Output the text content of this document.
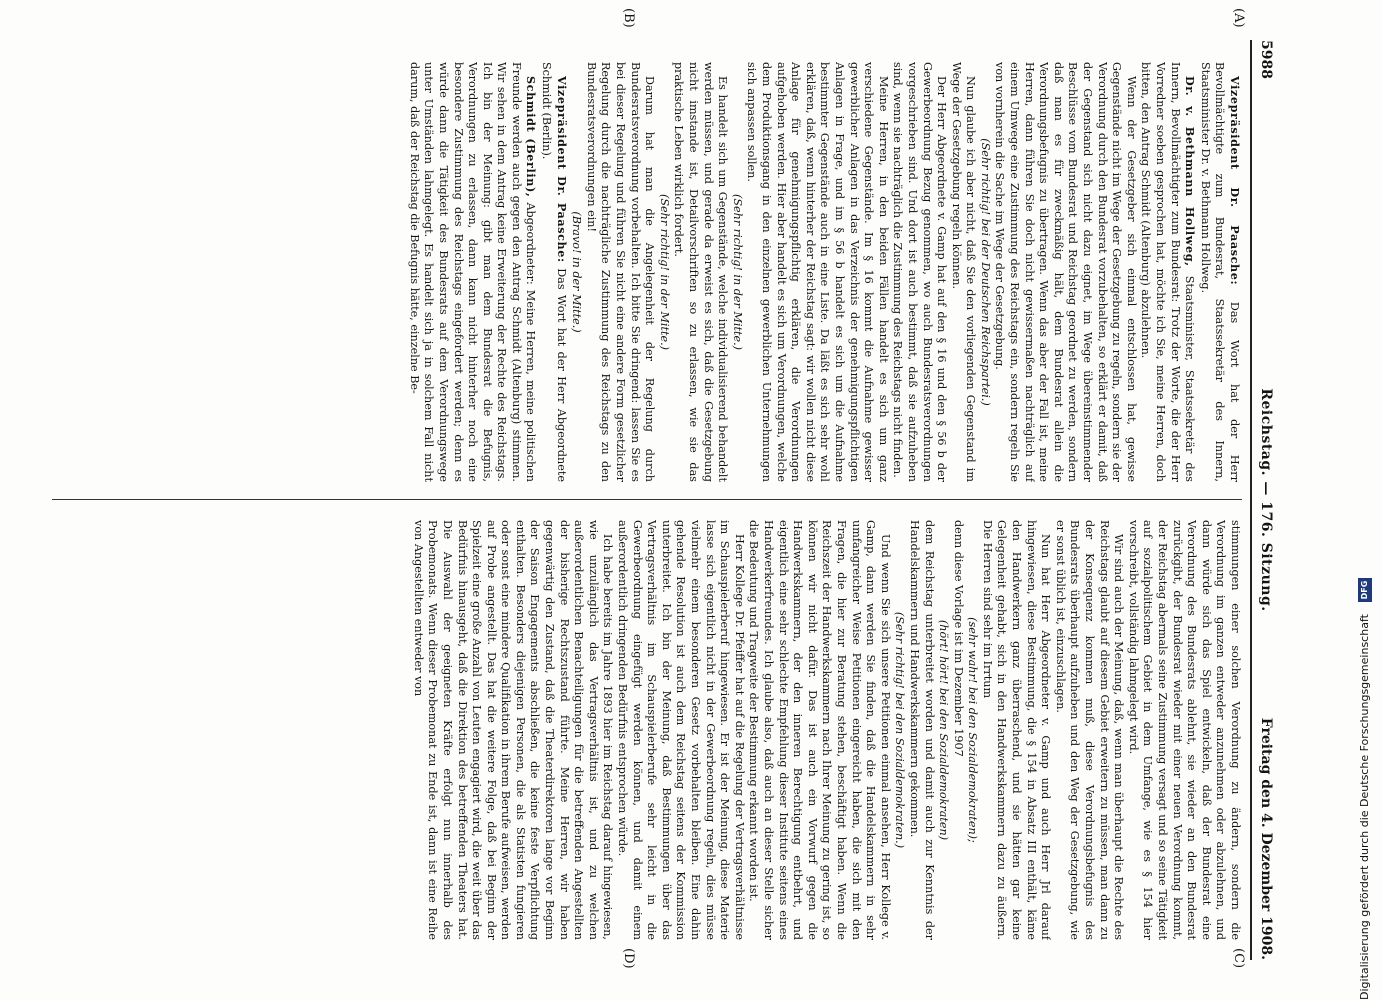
5988
Reichstag. — 176. Sitzung.
Freitag den 4. Dezember 1908.
(A)
(B)
(C)
(D)

Vizepräsident Dr. Paasche: Das Wort hat der Herr Bevollmächtigte zum Bundesrat, Staatssekretär des Innern, Staatsminister Dr. v. Bethmann Hollweg.

Dr. v. Bethmann Hollweg, Staatsminister, Staatssekretär des Innern, Bevollmächtigter zum Bundesrat: Trotz der Worte, die der Herr Vorredner soeben gesprochen hat, möchte ich Sie, meine Herren, doch bitten, den Antrag Schmidt (Altenburg) abzulehnen.

Wenn der Gesetzgeber sich einmal entschlossen hat, gewisse Gegenstände nicht im Wege der Gesetzgebung zu regeln, sondern sie der Verordnung durch den Bundesrat vorzubehalten, so erklärt er damit, daß der Gegenstand sich nicht dazu eignet, im Wege übereinstimmender Beschlüsse vom Bundesrat und Reichstag geordnet zu werden, sondern daß man es für zweckmäßig hält, dem Bundesrat allein die Verordnungsbefugnis zu übertragen. Wenn das aber der Fall ist, meine Herren, dann führen Sie doch nicht gewissermaßen nachträglich auf einem Umwege eine Zustimmung des Reichstags ein, sondern regeln Sie von vornherein die Sache im Wege der Gesetzgebung.

(Sehr richtig! bei der Deutschen Reichspartei.)

Nun glaube ich aber nicht, daß Sie den vorliegenden Gegenstand im Wege der Gesetzgebung regeln können.

Der Herr Abgeordnete v. Gamp hat auf den § 16 und den § 56 b der Gewerbeordnung Bezug genommen, wo auch Bundesratsverordnungen vorgeschrieben sind. Und dort ist auch bestimmt, daß sie aufzuheben sind, wenn sie nachträglich die Zustimmung des Reichstags nicht finden.

Meine Herren, in den beiden Fällen handelt es sich um ganz verschiedene Gegenstände. Im § 16 kommt die Aufnahme gewisser gewerblicher Anlagen in das Verzeichnis der genehmigungspflichtigen Anlagen in Frage, und im § 56 b handelt es sich um die Aufnahme bestimmter Gegenstände auch in eine Liste. Da läßt es sich sehr wohl erklären, daß, wenn hinterher der Reichstag sagt: wir wollen nicht diese Anlage für genehmigungspflichtig erklären, die Verordnungen aufgehoben werden. Hier aber handelt es sich um Verordnungen, welche dem Produktionsgang in den einzelnen gewerblichen Unternehmungen sich anpassen sollen.

(Sehr richtig! in der Mitte.)

Es handelt sich um Gegenstände, welche individualisierend behandelt werden müssen, und gerade da erweist es sich, daß die Gesetzgebung nicht imstande ist, Detailvorschriften so zu erlassen, wie sie das praktische Leben wirklich fordert.

(Sehr richtig! in der Mitte.)

Darum hat man die Angelegenheit der Regelung durch Bundesratsverordnung vorbehalten. Ich bitte Sie dringend: lassen Sie es bei dieser Regelung und führen Sie nicht eine andere Form gesetzlicher Regelung durch die nachträgliche Zustimmung des Reichstags zu den Bundesratsverordnungen ein!

(Bravo! in der Mitte.)

Vizepräsident Dr. Paasche: Das Wort hat der Herr Abgeordnete Schmidt (Berlin).

Schmidt (Berlin), Abgeordneter: Meine Herren, meine politischen Freunde werden auch gegen den Antrag Schmidt (Altenburg) stimmen. Wir sehen in dem Antrag keine Erweiterung der Rechte des Reichstags. Ich bin der Meinung: gibt man dem Bundesrat die Befugnis, Verordnungen zu erlassen, dann kann nicht hinterher noch eine besondere Zustimmung des Reichstags eingefordert werden; denn es würde dann die Tätigkeit des Bundesrats auf dem Verordnungswege unter Umständen lahmgelegt. Es handelt sich ja in solchem Fall nicht darum, daß der Reichstag die Befugnis hätte, einzelne Be-

stimmungen einer solchen Verordnung zu ändern, sondern die Verordnung im ganzen entweder anzunehmen oder abzulehnen, und dann würde sich das Spiel entwickeln, daß der Bundesrat eine Verordnung des Bundesrats ablehnt, sie wieder an den Bundesrat zurückgibt, der Bundesrat wieder mit einer neuen Verordnung kommt, der Reichstag abermals seine Zustimmung versagt und so seine Tätigkeit auf sozialpolitischem Gebiet in dem Umfange, wie es § 154 hier vorschreibt, vollständig lahmgelegt wird.

Wir sind auch der Meinung, daß, wenn man überhaupt die Rechte des Reichstags glaubt auf diesem Gebiet erweitern zu müssen, man dann zu der Konsequenz kommen muß, diese Verordnungsbefugnis des Bundesrats überhaupt aufzuheben und den Weg der Gesetzgebung, wie er sonst üblich ist, einzuschlagen.

Nun hat Herr Abgeordneter v. Gamp und auch Herr Jrl darauf hingewiesen, diese Bestimmung, die § 154 in Absatz III enthält, käme den Handwerkern ganz überraschend, und sie hätten gar keine Gelegenheit gehabt, sich in den Handwerkskammern dazu zu äußern. Die Herren sind sehr im Irrtum

(sehr wahr! bei den Sozialdemokraten);

denn diese Vorlage ist im Dezember 1907

(hört! hört! bei den Sozialdemokraten)

dem Reichstag unterbreitet worden und damit auch zur Kenntnis der Handelskammern und Handwerkskammern gekommen.

(Sehr richtig! bei den Sozialdemokraten.)

Und wenn Sie sich unsere Petitionen einmal ansehen, Herr Kollege v. Gamp, dann werden Sie finden, daß die Handelskammern in sehr umfangreicher Weise Petitionen eingereicht haben, die sich mit den Fragen, die hier zur Beratung stehen, beschäftigt haben. Wenn die Reichszeit der Handwerkskammern nach Ihrer Meinung zu gering ist, so können wir nicht dafür. Das ist auch ein Vorwurf gegen die Handwerkskammern, der den inneren Berechtigung entbehrt, und eigentlich eine sehr schlechte Empfehlung dieser Institute seitens eines Handwerkerfreundes. Ich glaube also, daß auch an dieser Stelle sicher die Bedeutung und Tragweite der Bestimmung erkannt worden ist.

Herr Kollege Dr. Pfeiffer hat auf die Regelung der Vertragsverhältnisse im Schauspielerberuf hingewiesen. Er ist der Meinung, diese Materie lasse sich eigentlich nicht in der Gewerbeordnung regeln, dies müsse vielmehr einem besonderen Gesetz vorbehalten bleiben. Eine dahin gehende Resolution ist auch dem Reichstag seitens der Kommission unterbreitet. Ich bin der Meinung, daß Bestimmungen über das Vertragsverhältnis im Schauspielerberufe sehr leicht in die Gewerbeordnung eingefügt werden können, und damit einem außerordentlich dringenden Bedürfnis entsprochen würde.

Ich habe bereits im Jahre 1893 hier im Reichstag darauf hingewiesen, wie unzulänglich das Vertragsverhältnis ist, und zu welchen außerordentlichen Benachteiligungen für die betreffenden Angestellten der bisherige Rechtszustand führte. Meine Herren, wir haben gegenwärtig den Zustand, daß die Theaterdirektoren lange vor Beginn der Saison Engagements abschließen, die keine feste Verpflichtung enthalten. Besonders diejenigen Personen, die als Statisten fungieren oder sonst eine mindere Qualifikation in ihrem Berufe aufweisen, werden auf Probe angestellt. Das hat die weitere Folge, daß bei Beginn der Spielzeit eine große Anzahl von Leuten engagiert wird, die weit über das Bedürfnis hinausgeht, daß die Direktion des betreffenden Theaters hat. Die Auswahl der geeigneten Kräfte erfolgt nun innerhalb des Probemonats. Wenn dieser Probemonat zu Ende ist, dann ist eine Reihe von Angestellten entweder von

Digitalisierung gefördert durch die Deutsche ForschungsgemeinschaftDFG
